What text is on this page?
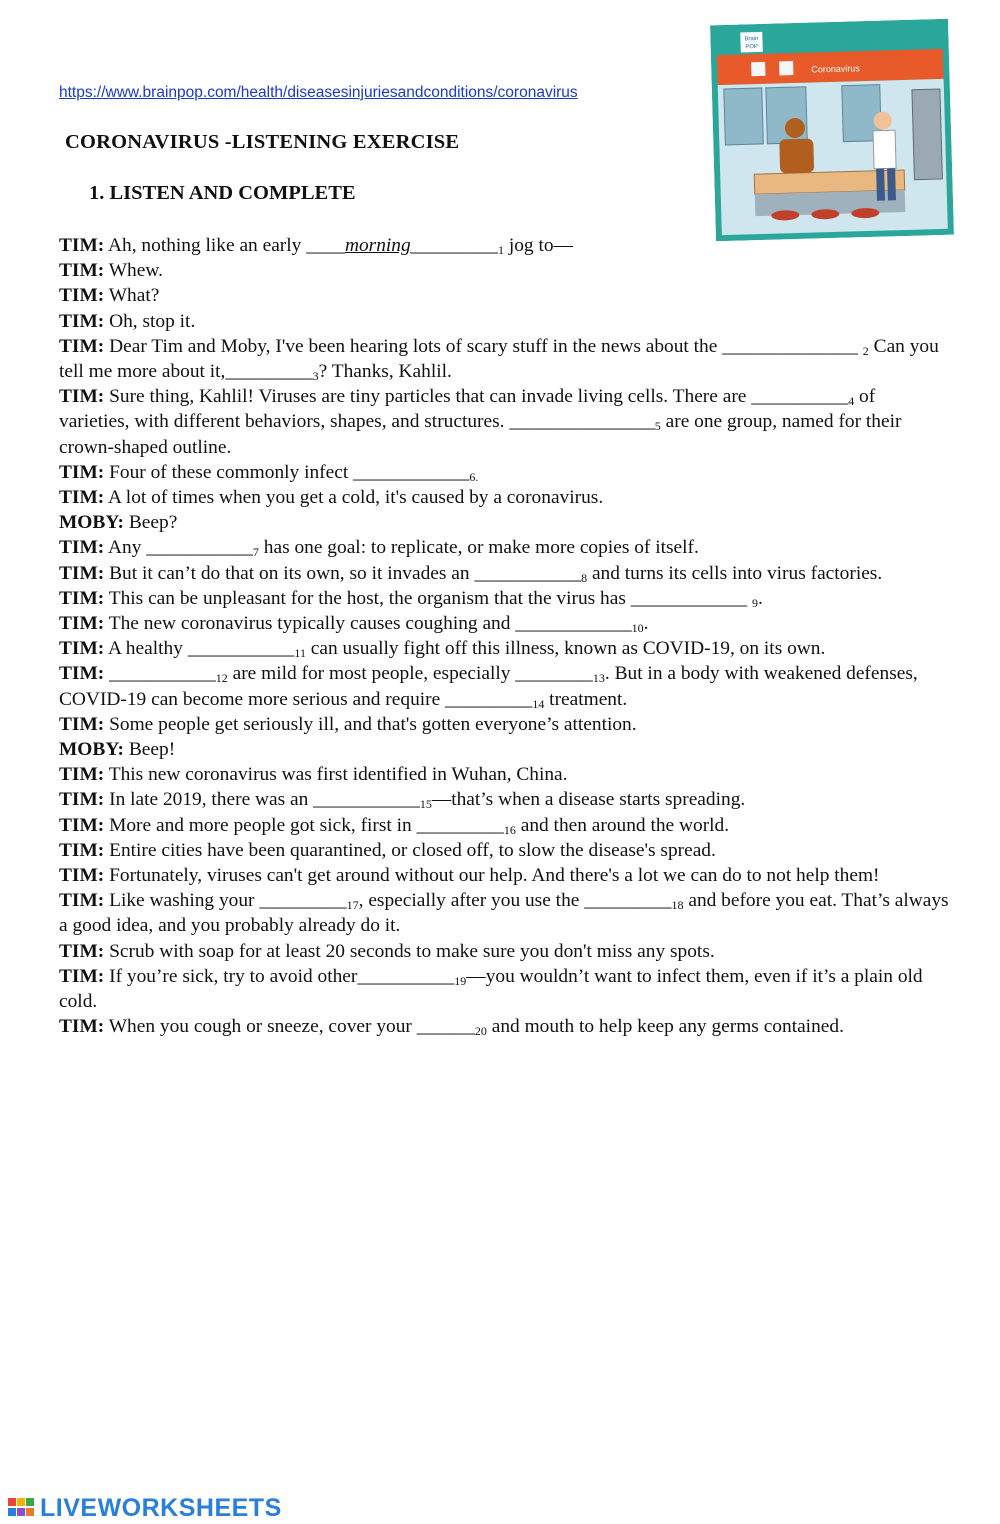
https://www.brainpop.com/health/diseasesinjuriesandconditions/coronavirus
CORONAVIRUS -LISTENING EXERCISE
1. LISTEN AND COMPLETE
Brain
POP
Coronavirus

TIM: Ah, nothing like an early $\_\_\_\_morning\_\_\_\_\_\_\_\_\__1$ jog to—

TIM: Whew.

TIM: What?

TIM: Oh, stop it.

TIM: Dear Tim and Moby, I've been hearing lots of scary stuff in the news about the ______________ $_2$ Can you tell me more about $it,\_\_\_\_\_\_\_\_\__3$? Thanks, Kahlil.

TIM: Sure thing, Kahlil! Viruses are tiny particles that can invade living cells. There are $\_\_\_\_\_\_\_\_\_\__4$ of varieties, with different behaviors, shapes, and structures. $\_\_\_\_\_\_\_\_\_\_\_\_\_\_\__5$ are one group, named for their crown-shaped outline.

TIM: Four of these commonly infect $\_\_\_\_\_\_\_\_\_\_\_\__{6.}$

TIM: A lot of times when you get a cold, it's caused by a coronavirus.

MOBY: Beep?

TIM: Any $\_\_\_\_\_\_\_\_\_\_\__7$ has one goal: to replicate, or make more copies of itself.

TIM: But it can’t do that on its own, so it invades an $\_\_\_\_\_\_\_\_\_\_\__8$ and turns its cells into virus factories.

TIM: This can be unpleasant for the host, the organism that the virus has ____________ $_9$.

TIM: The new coronavirus typically causes coughing and $\_\_\_\_\_\_\_\_\_\_\_\__{10}$.

TIM: A healthy $\_\_\_\_\_\_\_\_\_\_\__{11}$ can usually fight off this illness, known as COVID-19, on its own.

TIM: $\_\_\_\_\_\_\_\_\_\_\__{12}$ are mild for most people, especially $\_\_\_\_\_\_\_\__{13}$. But in a body with weakened defenses, COVID-19 can become more serious and require $\_\_\_\_\_\_\_\_\__{14}$ treatment.

TIM: Some people get seriously ill, and that's gotten everyone’s attention.

MOBY: Beep!

TIM: This new coronavirus was first identified in Wuhan, China.

TIM: In late 2019, there was an $\_\_\_\_\_\_\_\_\_\_\__{15}—that’s$ when a disease starts spreading.

TIM: More and more people got sick, first in $\_\_\_\_\_\_\_\_\__{16}$ and then around the world.

TIM: Entire cities have been quarantined, or closed off, to slow the disease's spread.

TIM: Fortunately, viruses can't get around without our help. And there's a lot we can do to not help them!

TIM: Like washing your $\_\_\_\_\_\_\_\_\__{17}$, especially after you use the $\_\_\_\_\_\_\_\_\__{18}$ and before you eat. That’s always a good idea, and you probably already do it.

TIM: Scrub with soap for at least 20 seconds to make sure you don't miss any spots.

TIM: If you’re sick, try to avoid $other\_\_\_\_\_\_\_\_\_\__{19}—you$ wouldn’t want to infect them, even if it’s a plain old cold.

TIM: When you cough or sneeze, cover your $\_\_\_\_\_\__{20}$ and mouth to help keep any germs contained.

LIVEWORKSHEETS
